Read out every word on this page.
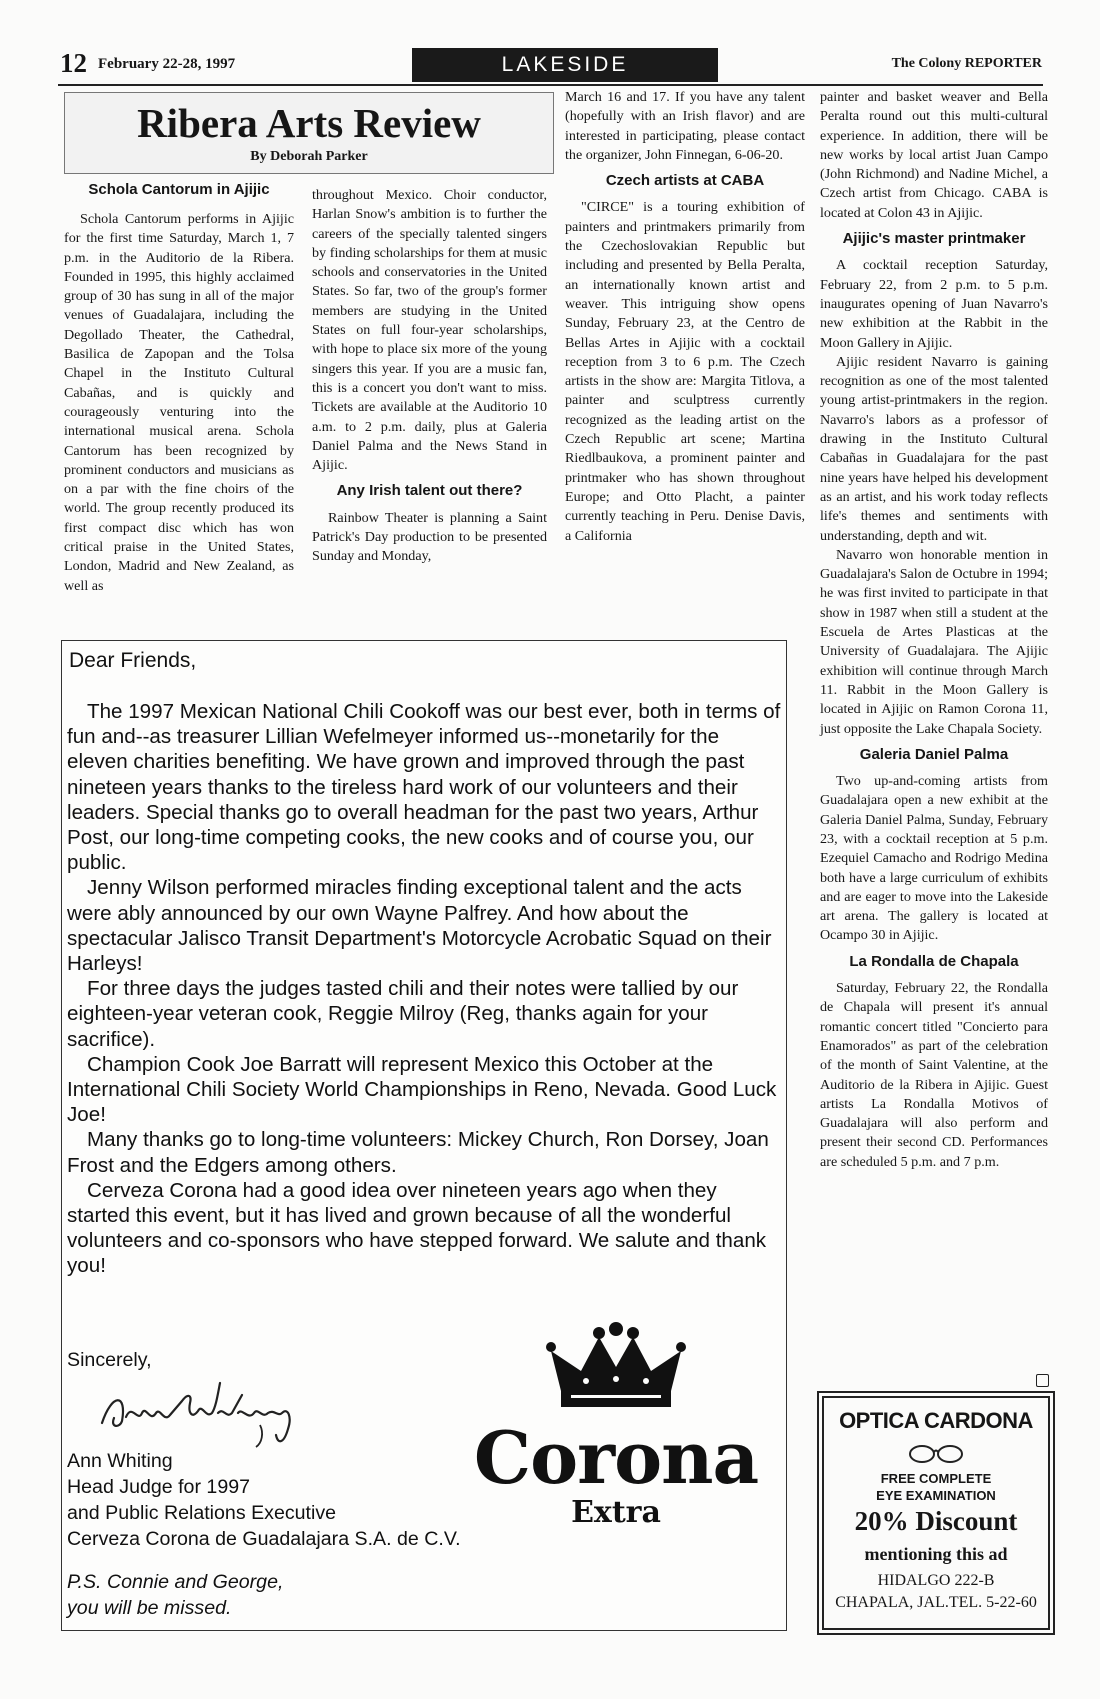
12 February 22-28, 1997	LAKESIDE	The Colony REPORTER
Ribera Arts Review
By Deborah Parker
Schola Cantorum in Ajijic

Schola Cantorum performs in Ajijic for the first time Saturday, March 1, 7 p.m. in the Auditorio de la Ribera. Founded in 1995, this highly acclaimed group of 30 has sung in all of the major venues of Guadalajara, including the Degollado Theater, the Cathedral, Basilica de Zapopan and the Tolsa Chapel in the Instituto Cultural Cabañas, and is quickly and courageously venturing into the international musical arena. Schola Cantorum has been recognized by prominent conductors and musicians as on a par with the fine choirs of the world. The group recently produced its first compact disc which has won critical praise in the United States, London, Madrid and New Zealand, as well as

throughout Mexico. Choir conductor, Harlan Snow's ambition is to further the careers of the specially talented singers by finding scholarships for them at music schools and conservatories in the United States. So far, two of the group's former members are studying in the United States on full four-year scholarships, with hope to place six more of the young singers this year. If you are a music fan, this is a concert you don't want to miss. Tickets are available at the Auditorio 10 a.m. to 2 p.m. daily, plus at Galeria Daniel Palma and the News Stand in Ajijic.

Any Irish talent out there?

Rainbow Theater is planning a Saint Patrick's Day production to be presented Sunday and Monday,

March 16 and 17. If you have any talent (hopefully with an Irish flavor) and are interested in participating, please contact the organizer, John Finnegan, 6-06-20.

Czech artists at CABA

"CIRCE" is a touring exhibition of painters and printmakers primarily from the Czechoslovakian Republic but including and presented by Bella Peralta, an internationally known artist and weaver. This intriguing show opens Sunday, February 23, at the Centro de Bellas Artes in Ajijic with a cocktail reception from 3 to 6 p.m. The Czech artists in the show are: Margita Titlova, a painter and sculptress currently recognized as the leading artist on the Czech Republic art scene; Martina Riedlbaukova, a prominent painter and printmaker who has shown throughout Europe; and Otto Placht, a painter currently teaching in Peru. Denise Davis, a California

painter and basket weaver and Bella Peralta round out this multi-cultural experience. In addition, there will be new works by local artist Juan Campo (John Richmond) and Nadine Michel, a Czech artist from Chicago. CABA is located at Colon 43 in Ajijic.

Ajijic's master printmaker

A cocktail reception Saturday, February 22, from 2 p.m. to 5 p.m. inaugurates opening of Juan Navarro's new exhibition at the Rabbit in the Moon Gallery in Ajijic.

Ajijic resident Navarro is gaining recognition as one of the most talented young artist-printmakers in the region. Navarro's labors as a professor of drawing in the Instituto Cultural Cabañas in Guadalajara for the past nine years have helped his development as an artist, and his work today reflects life's themes and sentiments with understanding, depth and wit.

Navarro won honorable mention in Guadalajara's Salon de Octubre in 1994; he was first invited to participate in that show in 1987 when still a student at the Escuela de Artes Plasticas at the University of Guadalajara. The Ajijic exhibition will continue through March 11. Rabbit in the Moon Gallery is located in Ajijic on Ramon Corona 11, just opposite the Lake Chapala Society.

Galeria Daniel Palma

Two up-and-coming artists from Guadalajara open a new exhibit at the Galeria Daniel Palma, Sunday, February 23, with a cocktail reception at 5 p.m. Ezequiel Camacho and Rodrigo Medina both have a large curriculum of exhibits and are eager to move into the Lakeside art arena. The gallery is located at Ocampo 30 in Ajijic.

La Rondalla de Chapala

Saturday, February 22, the Rondalla de Chapala will present it's annual romantic concert titled "Concierto para Enamorados" as part of the celebration of the month of Saint Valentine, at the Auditorio de la Ribera in Ajijic. Guest artists La Rondalla Motivos of Guadalajara will also perform and present their second CD. Performances are scheduled 5 p.m. and 7 p.m.

Dear Friends,

The 1997 Mexican National Chili Cookoff was our best ever, both in terms of fun and--as treasurer Lillian Wefelmeyer informed us--monetarily for the eleven charities benefiting. We have grown and improved through the past nineteen years thanks to the tireless hard work of our volunteers and their leaders. Special thanks go to overall headman for the past two years, Arthur Post, our long-time competing cooks, the new cooks and of course you, our public.

Jenny Wilson performed miracles finding exceptional talent and the acts were ably announced by our own Wayne Palfrey. And how about the spectacular Jalisco Transit Department's Motorcycle Acrobatic Squad on their Harleys!

For three days the judges tasted chili and their notes were tallied by our eighteen-year veteran cook, Reggie Milroy (Reg, thanks again for your sacrifice).

Champion Cook Joe Barratt will represent Mexico this October at the International Chili Society World Championships in Reno, Nevada. Good Luck Joe!

Many thanks go to long-time volunteers: Mickey Church, Ron Dorsey, Joan Frost and the Edgers among others.

Cerveza Corona had a good idea over nineteen years ago when they started this event, but it has lived and grown because of all the wonderful volunteers and co-sponsors who have stepped forward. We salute and thank you!

Sincerely,
Ann Whiting
Head Judge for 1997
and Public Relations Executive
Cerveza Corona de Guadalajara S.A. de C.V.
P.S. Connie and George,
you will be missed.
Corona
Extra
OPTICA CARDONA
FREE COMPLETE
EYE EXAMINATION
20% Discount
mentioning this ad
HIDALGO 222-B
CHAPALA, JAL.TEL. 5-22-60
